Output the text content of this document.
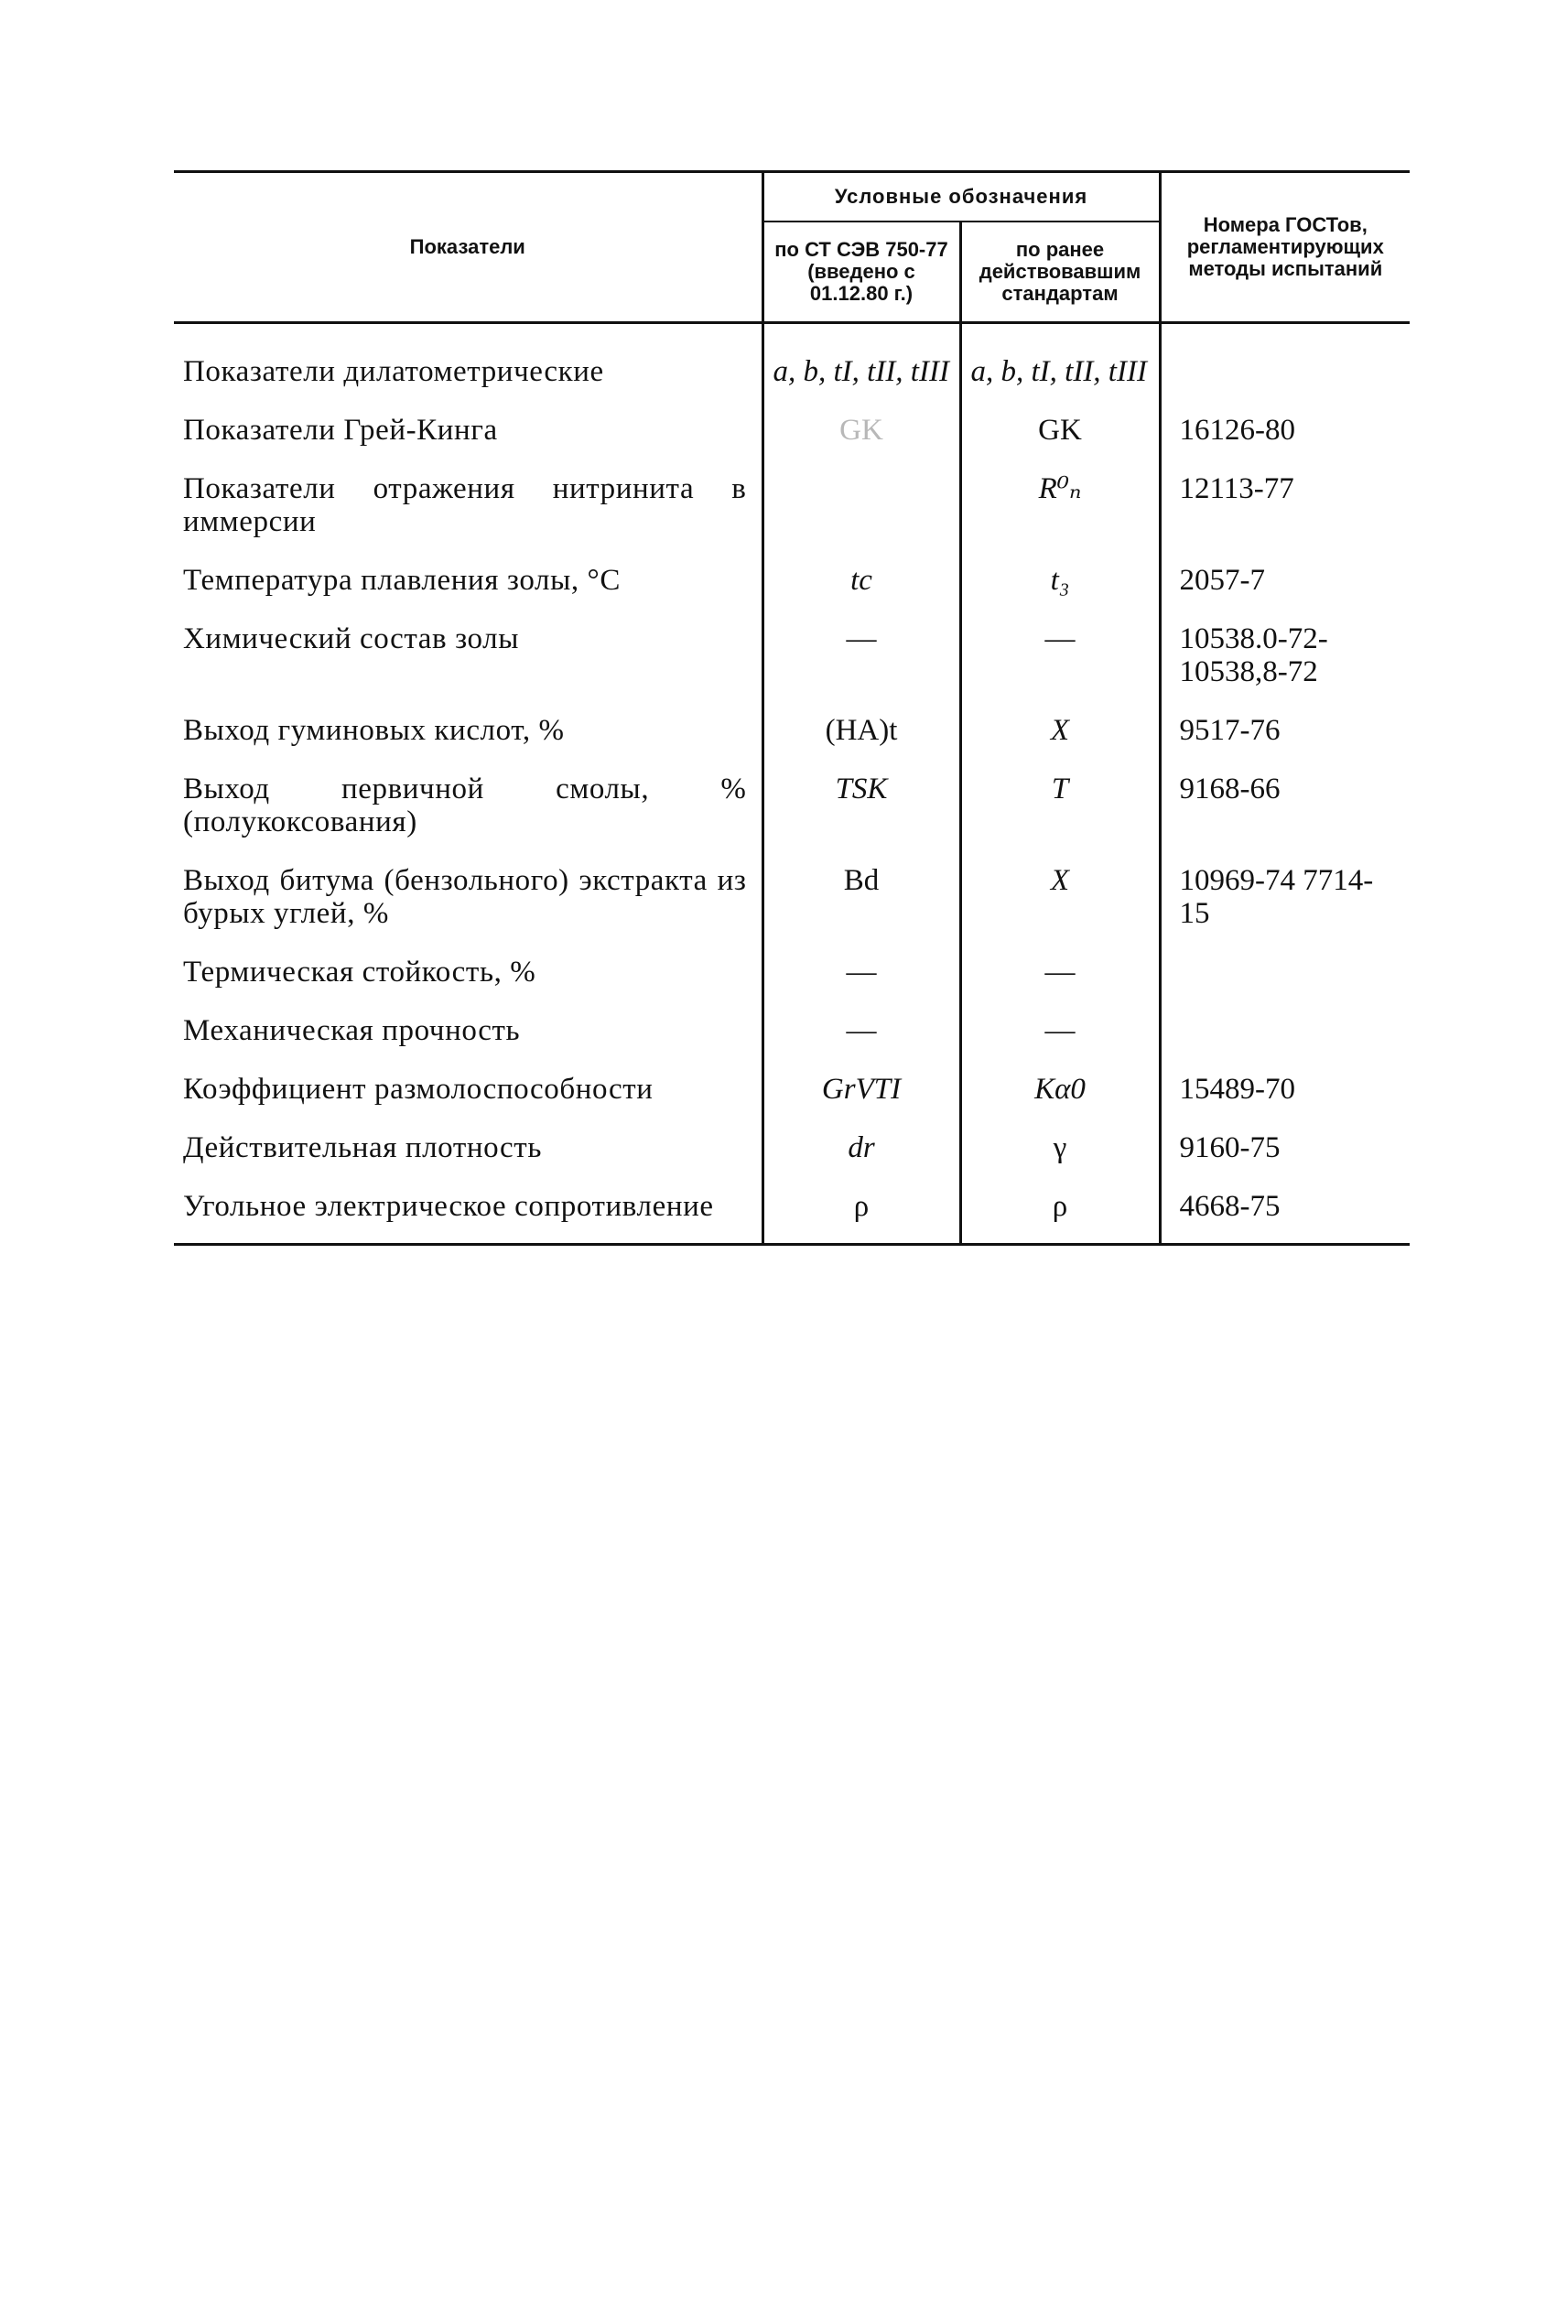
Показатели	Условные обозначения		Номера ГОСТов, регламентирующих методы испытаний
	по СТ СЭВ 750-77 (введено с 01.12.80 г.)	по ранее действовавшим стандартам	
Показатели дилатометрические	a, b, tI, tII, tIII	a, b, tI, tII, tIII	
Показатели Грей-Кинга	GK	GK	16126-80
Показатели отражения нитринита в иммерсии		R⁰ₙ	12113-77
Температура плавления золы, °С	tc	t₃	2057-7
Химический состав золы	—	—	10538.0-72-10538,8-72
Выход гуминовых кислот, %	(HA)t	X	9517-76
Выход первичной смолы, % (полукоксования)	TSK	T	9168-66
Выход битума (бензольного) экстракта из бурых углей, %	Bd	X	10969-74 7714-15
Термическая стойкость, %	—	—	
Механическая прочность	—	—	
Коэффициент размолоспособности	GrVTI	Kα0	15489-70
Действительная плотность	dr	γ	9160-75
Угольное электрическое сопротивление	ρ	ρ	4668-75
